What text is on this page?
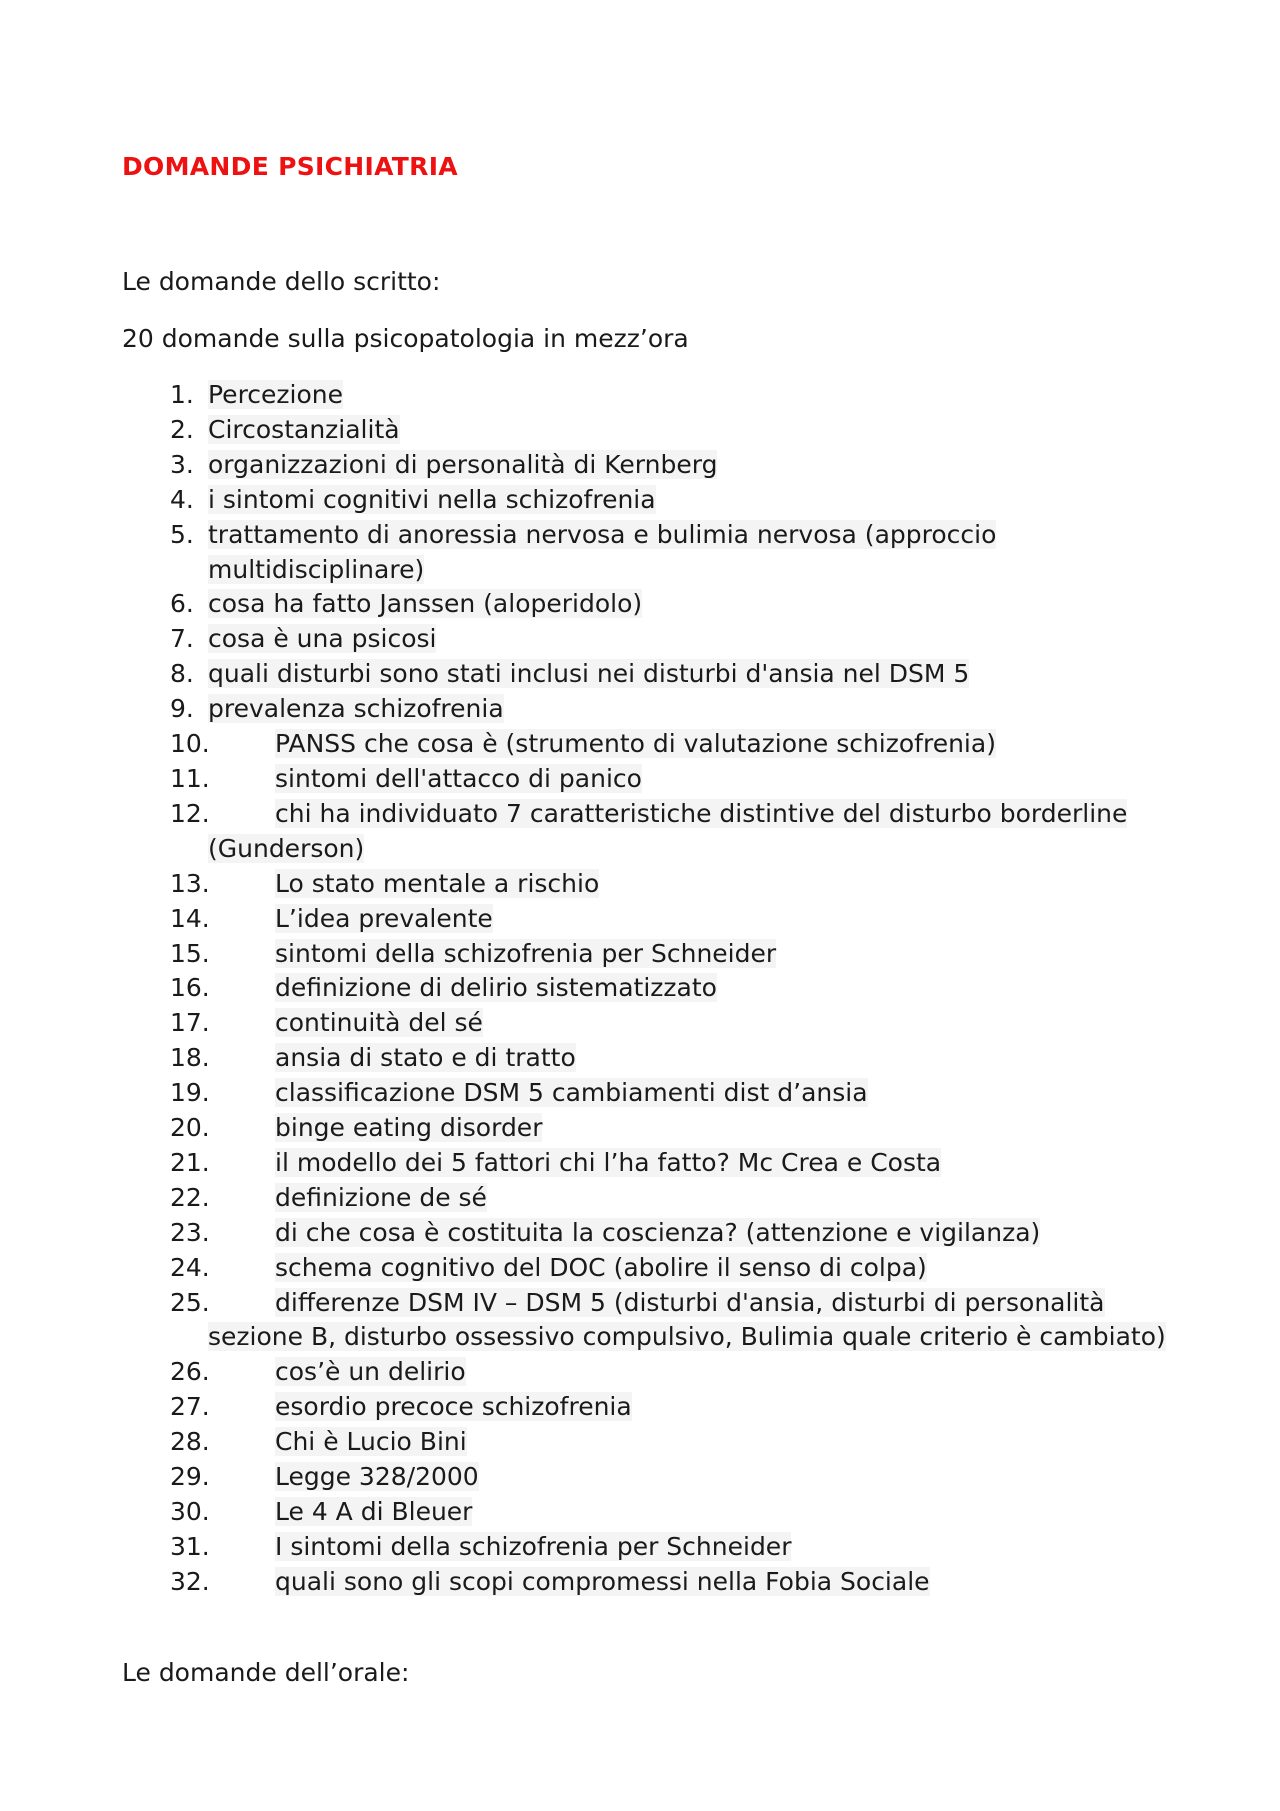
DOMANDE PSICHIATRIA
Le domande dello scritto:
20 domande sulla psicopatologia in mezz’ora
1. Percezione
2. Circostanzialità
3. organizzazioni di personalità di Kernberg
4. i sintomi cognitivi nella schizofrenia
5. trattamento di anoressia nervosa e bulimia nervosa (approccio multidisciplinare)
6. cosa ha fatto Janssen (aloperidolo)
7. cosa è una psicosi
8. quali disturbi sono stati inclusi nei disturbi d'ansia nel DSM 5
9. prevalenza schizofrenia
10.	PANSS che cosa è (strumento di valutazione schizofrenia)
11.	sintomi dell'attacco di panico
12.	chi ha individuato 7 caratteristiche distintive del disturbo borderline (Gunderson)
13.	Lo stato mentale a rischio
14.	L’idea prevalente
15.	sintomi della schizofrenia per Schneider
16.	definizione di delirio sistematizzato
17.	continuità del sé
18.	ansia di stato e di tratto
19.	classificazione DSM 5 cambiamenti dist d’ansia
20.	binge eating disorder
21.	il modello dei 5 fattori chi l’ha fatto? Mc Crea e Costa
22.	definizione de sé
23.	di che cosa è costituita la coscienza? (attenzione e vigilanza)
24.	schema cognitivo del DOC (abolire il senso di colpa)
25.	differenze DSM IV – DSM 5 (disturbi d'ansia, disturbi di personalità sezione B, disturbo ossessivo compulsivo, Bulimia quale criterio è cambiato)
26.	cos’è un delirio
27.	esordio precoce schizofrenia
28.	Chi è Lucio Bini
29.	Legge 328/2000
30.	Le 4 A di Bleuer
31.	I sintomi della schizofrenia per Schneider
32.	quali sono gli scopi compromessi nella Fobia Sociale
Le domande dell’orale:
